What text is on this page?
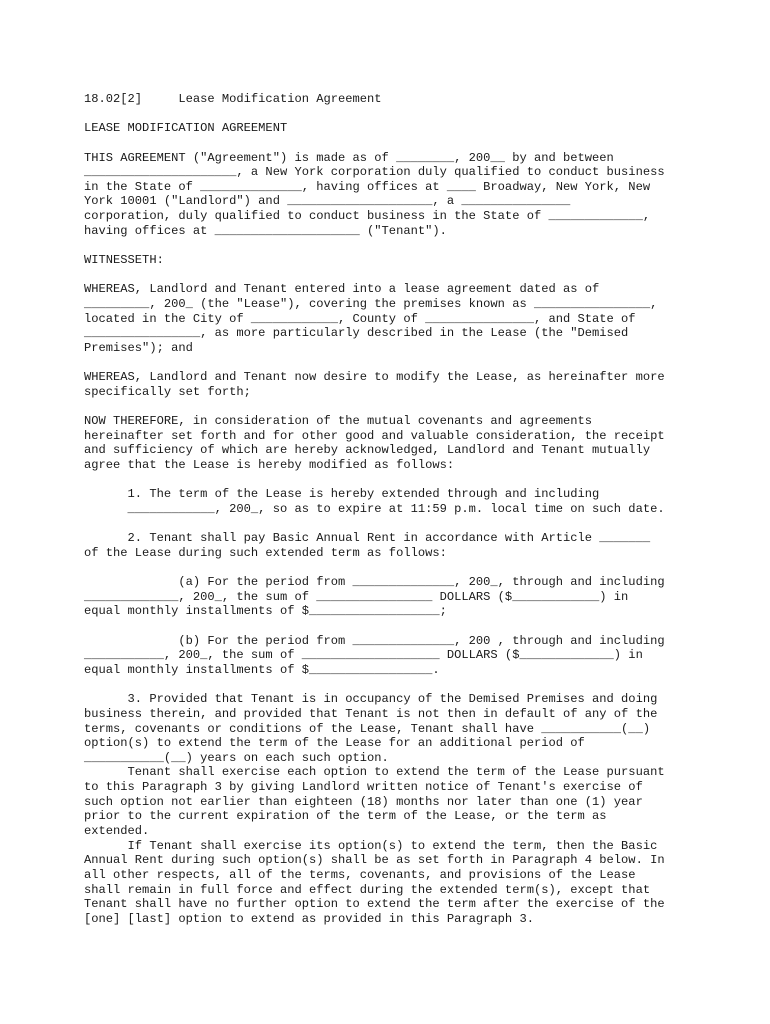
18.02[2]     Lease Modification Agreement
LEASE MODIFICATION AGREEMENT
THIS AGREEMENT ("Agreement") is made as of ________, 200__ by and between
_____________________, a New York corporation duly qualified to conduct business
in the State of ______________, having offices at ____ Broadway, New York, New
York 10001 ("Landlord") and ____________________, a _______________
corporation, duly qualified to conduct business in the State of _____________,
having offices at ____________________ ("Tenant").
WITNESSETH:
WHEREAS, Landlord and Tenant entered into a lease agreement dated as of
_________, 200_ (the "Lease"), covering the premises known as ________________,
located in the City of ____________, County of _______________, and State of
________________, as more particularly described in the Lease (the "Demised
Premises"); and
WHEREAS, Landlord and Tenant now desire to modify the Lease, as hereinafter more
specifically set forth;
NOW THEREFORE, in consideration of the mutual covenants and agreements
hereinafter set forth and for other good and valuable consideration, the receipt
and sufficiency of which are hereby acknowledged, Landlord and Tenant mutually
agree that the Lease is hereby modified as follows:
1. The term of the Lease is hereby extended through and including
____________, 200_, so as to expire at 11:59 p.m. local time on such date.
2. Tenant shall pay Basic Annual Rent in accordance with Article _______
of the Lease during such extended term as follows:
(a) For the period from ______________, 200_, through and including
_____________, 200_, the sum of ________________ DOLLARS ($____________) in
equal monthly installments of $__________________;
(b) For the period from ______________, 200 , through and including
___________, 200_, the sum of ___________________ DOLLARS ($_____________) in
equal monthly installments of $_________________.
3. Provided that Tenant is in occupancy of the Demised Premises and doing
business therein, and provided that Tenant is not then in default of any of the
terms, covenants or conditions of the Lease, Tenant shall have ___________(__)
option(s) to extend the term of the Lease for an additional period of
___________(__) years on each such option.
Tenant shall exercise each option to extend the term of the Lease pursuant
to this Paragraph 3 by giving Landlord written notice of Tenant's exercise of
such option not earlier than eighteen (18) months nor later than one (1) year
prior to the current expiration of the term of the Lease, or the term as
extended.
If Tenant shall exercise its option(s) to extend the term, then the Basic
Annual Rent during such option(s) shall be as set forth in Paragraph 4 below. In
all other respects, all of the terms, covenants, and provisions of the Lease
shall remain in full force and effect during the extended term(s), except that
Tenant shall have no further option to extend the term after the exercise of the
[one] [last] option to extend as provided in this Paragraph 3.
